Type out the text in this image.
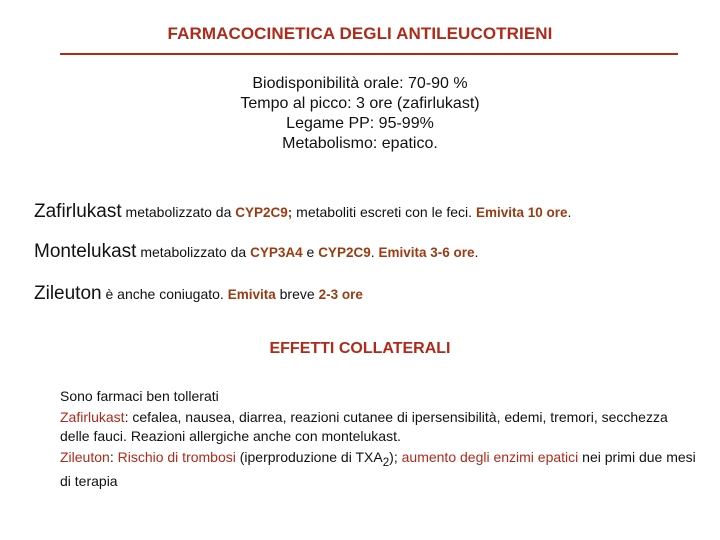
FARMACOCINETICA DEGLI ANTILEUCOTRIENI
Biodisponibilità orale: 70-90 %
Tempo al picco: 3 ore (zafirlukast)
Legame PP: 95-99%
Metabolismo: epatico.
Zafirlukast metabolizzato da CYP2C9; metaboliti escreti con le feci. Emivita 10 ore.
Montelukast metabolizzato da CYP3A4 e CYP2C9. Emivita 3-6 ore.
Zileuton è anche coniugato. Emivita breve 2-3 ore
EFFETTI COLLATERALI

Sono farmaci ben tollerati

Zafirlukast: cefalea, nausea, diarrea, reazioni cutanee di ipersensibilità, edemi, tremori, secchezza delle fauci. Reazioni allergiche anche con montelukast.

Zileuton: Rischio di trombosi (iperproduzione di $TXA_2$); aumento degli enzimi epatici nei primi due mesi di terapia
